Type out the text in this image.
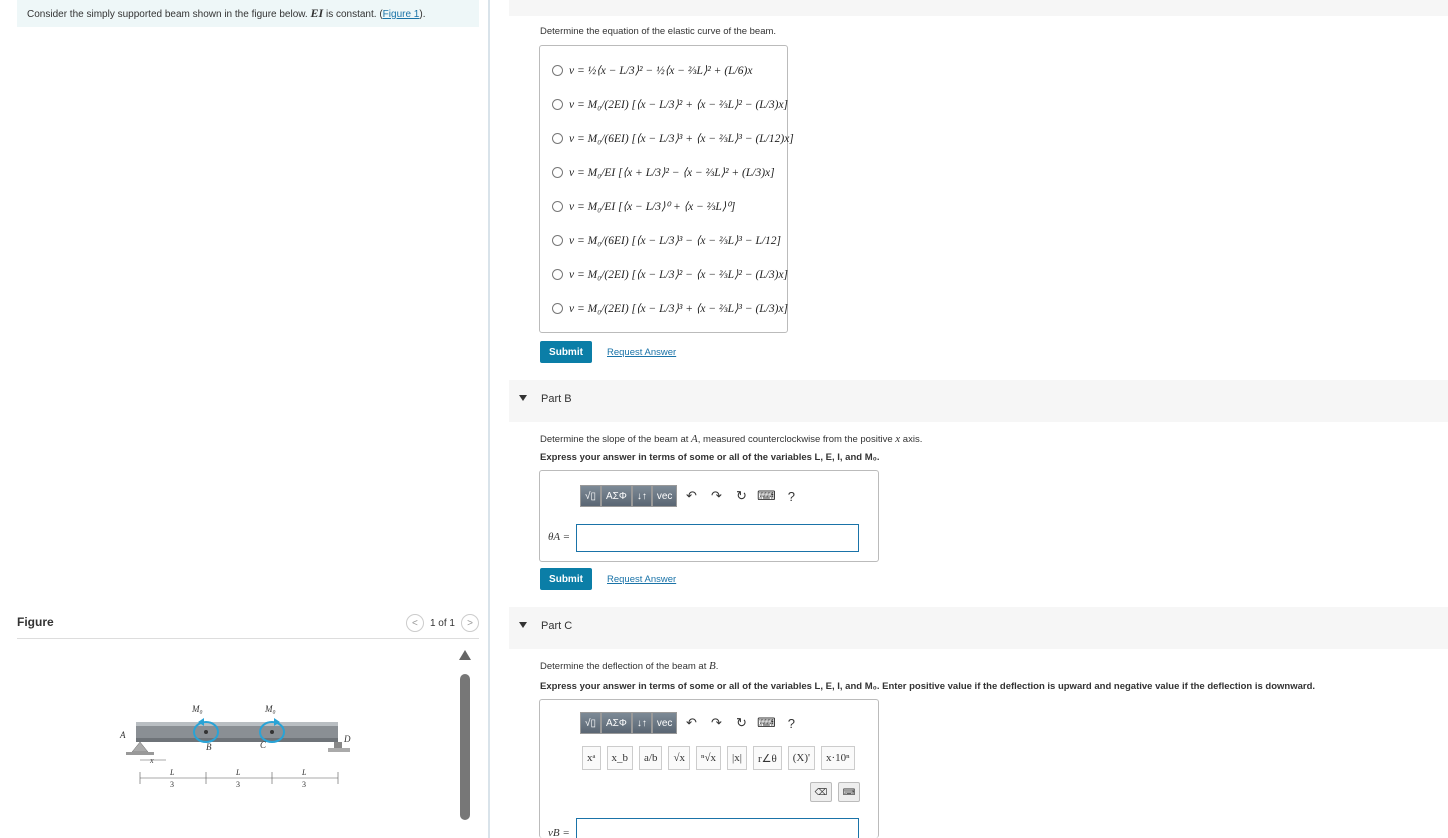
Consider the simply supported beam shown in the figure below. EI is constant. (Figure 1).
Figure	<	1 of 1	>
A
B	C
D
M₀	M₀
x
L
3
L
3
L
3
Determine the equation of the elastic curve of the beam.
v = ½⟨x − L/3⟩² − ½⟨x − ⅔L⟩² + (L/6)x
v = M₀/(2EI) [⟨x − L/3⟩² + ⟨x − ⅔L⟩² − (L/3)x]
v = M₀/(6EI) [⟨x − L/3⟩³ + ⟨x − ⅔L⟩³ − (L/12)x]
v = M₀/EI [⟨x + L/3⟩² − ⟨x − ⅔L⟩² + (L/3)x]
v = M₀/EI [⟨x − L/3⟩⁰ + ⟨x − ⅔L⟩⁰]
v = M₀/(6EI) [⟨x − L/3⟩³ − ⟨x − ⅔L⟩³ − L/12]
v = M₀/(2EI) [⟨x − L/3⟩² − ⟨x − ⅔L⟩² − (L/3)x]
v = M₀/(2EI) [⟨x − L/3⟩³ + ⟨x − ⅔L⟩³ − (L/3)x]
Submit	Request Answer
Part B
Determine the slope of the beam at A, measured counterclockwise from the positive x axis.
Express your answer in terms of some or all of the variables L, E, I, and M₀.
√▯	ΑΣΦ	↓↑	vec	↶	↷	↻ ⌨ ?
θA =
Submit	Request Answer
Part C
Determine the deflection of the beam at B.
Express your answer in terms of some or all of the variables L, E, I, and M₀. Enter positive value if the deflection is upward and negative value if the deflection is downward.
√▯	ΑΣΦ	↓↑	vec	↶	↷	↻ ⌨ ?
xᵃ	x_b	a/b	√x	ⁿ√x	|x|	r∠θ	(X)'	x·10ⁿ
⌫	⌨
vB =
